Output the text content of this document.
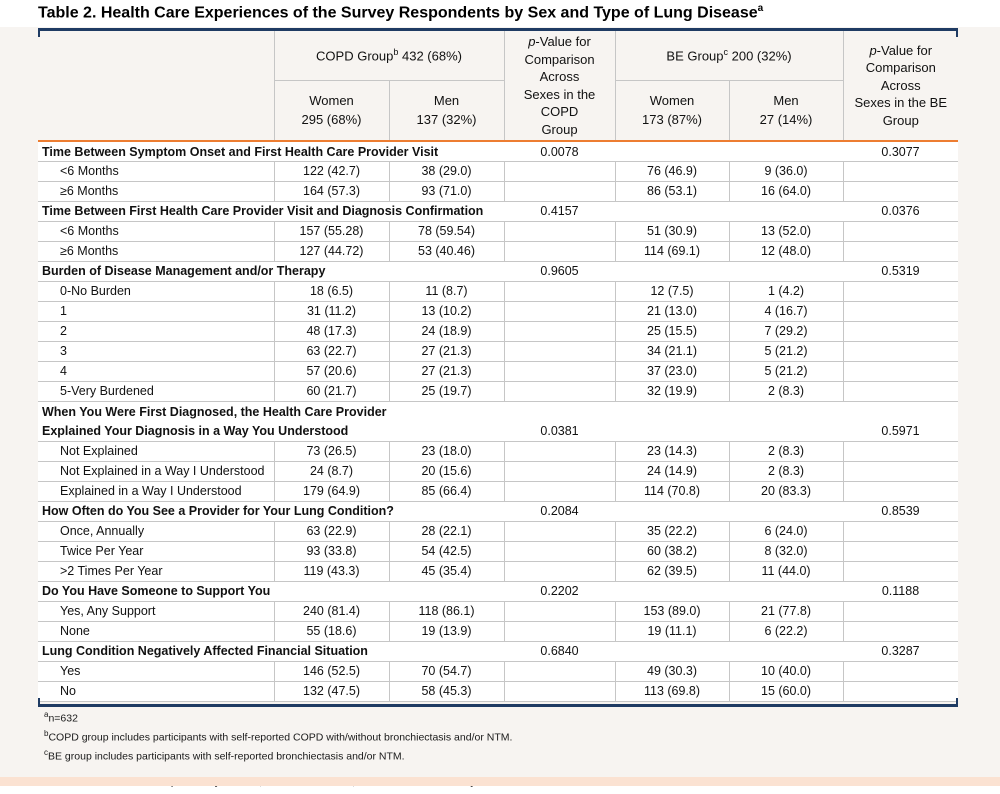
Table 2. Health Care Experiences of the Survey Respondents by Sex and Type of Lung Disease$^a$
	COPD Group$^b$ 432 (68%)		p-Value for
Comparison Across
Sexes in the COPD
Group	BE Group$^c$ 200 (32%)		p-Value for
Comparison Across
Sexes in the BE
Group
	Women
295 (68%)	Men
137 (32%)		Women
173 (87%)	Men
27 (14%)	
Time Between Symptom Onset and First Health Care Provider Visit			0.0078			0.3077
<6 Months	122 (42.7)	38 (29.0)		76 (46.9)	9 (36.0)	
≥6 Months	164 (57.3)	93 (71.0)		86 (53.1)	16 (64.0)	
Time Between First Health Care Provider Visit and Diagnosis Confirmation			0.4157			0.0376
<6 Months	157 (55.28)	78 (59.54)		51 (30.9)	13 (52.0)	
≥6 Months	127 (44.72)	53 (40.46)		114 (69.1)	12 (48.0)	
Burden of Disease Management and/or Therapy			0.9605			0.5319
0-No Burden	18 (6.5)	11 (8.7)		12 (7.5)	1 (4.2)	
1	31 (11.2)	13 (10.2)		21 (13.0)	4 (16.7)	
2	48 (17.3)	24 (18.9)		25 (15.5)	7 (29.2)	
3	63 (22.7)	27 (21.3)		34 (21.1)	5 (21.2)	
4	57 (20.6)	27 (21.3)		37 (23.0)	5 (21.2)	
5-Very Burdened	60 (21.7)	25 (19.7)		32 (19.9)	2 (8.3)	
When You Were First Diagnosed, the Health Care Provider						
Explained Your Diagnosis in a Way You Understood			0.0381			0.5971
Not Explained	73 (26.5)	23 (18.0)		23 (14.3)	2 (8.3)	
Not Explained in a Way I Understood	24 (8.7)	20 (15.6)		24 (14.9)	2 (8.3)	
Explained in a Way I Understood	179 (64.9)	85 (66.4)		114 (70.8)	20 (83.3)	
How Often do You See a Provider for Your Lung Condition?			0.2084			0.8539
Once, Annually	63 (22.9)	28 (22.1)		35 (22.2)	6 (24.0)	
Twice Per Year	93 (33.8)	54 (42.5)		60 (38.2)	8 (32.0)	
>2 Times Per Year	119 (43.3)	45 (35.4)		62 (39.5)	11 (44.0)	
Do You Have Someone to Support You			0.2202			0.1188
Yes, Any Support	240 (81.4)	118 (86.1)		153 (89.0)	21 (77.8)	
None	55 (18.6)	19 (13.9)		19 (11.1)	6 (22.2)	
Lung Condition Negatively Affected Financial Situation			0.6840			0.3287
Yes	146 (52.5)	70 (54.7)		49 (30.3)	10 (40.0)	
No	132 (47.5)	58 (45.3)		113 (69.8)	15 (60.0)	
$^a$n=632
$^b$COPD group includes participants with self-reported COPD with/without bronchiectasis and/or NTM.
$^c$BE group includes participants with self-reported bronchiectasis and/or NTM.
